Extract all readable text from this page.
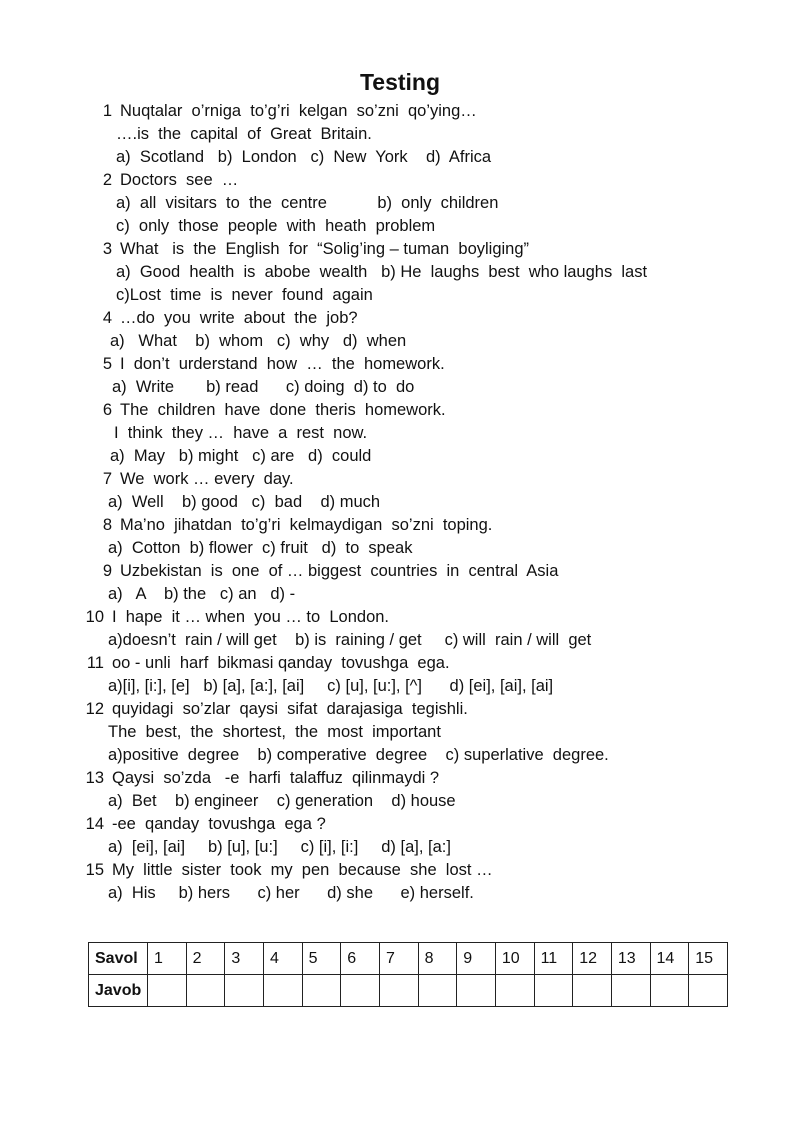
Testing
1 Nuqtalar  o’rniga  to’g’ri  kelgan  so’zni  qo’ying…
….is  the  capital  of  Great  Britain.
a)  Scotland   b)  London   c)  New  York    d)  Africa
2 Doctors  see  …
a)  all  visitars  to  the  centre           b)  only  children
c)  only  those  people  with  heath  problem
3 What   is  the  English  for  “Solig’ing – tuman  boyliging”
a)  Good  health  is  abobe  wealth   b) He  laughs  best  who laughs  last
c)Lost  time  is  never  found  again
4 …do  you  write  about  the  job?
a)   What    b)  whom   c)  why   d)  when
5 I  don’t  urderstand  how  …  the  homework.
a)  Write       b) read      c) doing  d) to  do
6 The  children  have  done  theris  homework.
I  think  they …  have  a  rest  now.
a)  May   b) might   c) are   d)  could
7 We  work … every  day.
a)  Well    b) good   c)  bad    d) much
8 Ma’no  jihatdan  to’g’ri  kelmaydigan  so’zni  toping.
a)  Cotton  b) flower  c) fruit   d)  to  speak
9 Uzbekistan  is  one  of … biggest  countries  in  central  Asia
a)   A    b) the   c) an   d) -
10 I  hape  it … when  you … to  London.
a)doesn’t  rain / will get    b) is  raining / get     c) will  rain / will  get
11 oo - unli  harf  bikmasi qanday  tovushga  ega.
a)[i], [i:], [e]   b) [a], [a:], [ai]     c) [u], [u:], [^]      d) [ei], [ai], [ai]
12 quyidagi  so’zlar  qaysi  sifat  darajasiga  tegishli.
The  best,  the  shortest,  the  most  important
a)positive  degree    b) comperative  degree    c) superlative  degree.
13 Qaysi  so’zda   -e  harfi  talaffuz  qilinmaydi ?
a)  Bet    b) engineer    c) generation    d) house
14 -ee  qanday  tovushga  ega ?
a)  [ei], [ai]     b) [u], [u:]     c) [i], [i:]     d) [a], [a:]
15 My  little  sister  took  my  pen  because  she  lost …
a)  His     b) hers      c) her      d) she      e) herself.
Savol	1	2	3	4	5	6	7	8	9	10	11	12	13	14	15
Javob															
